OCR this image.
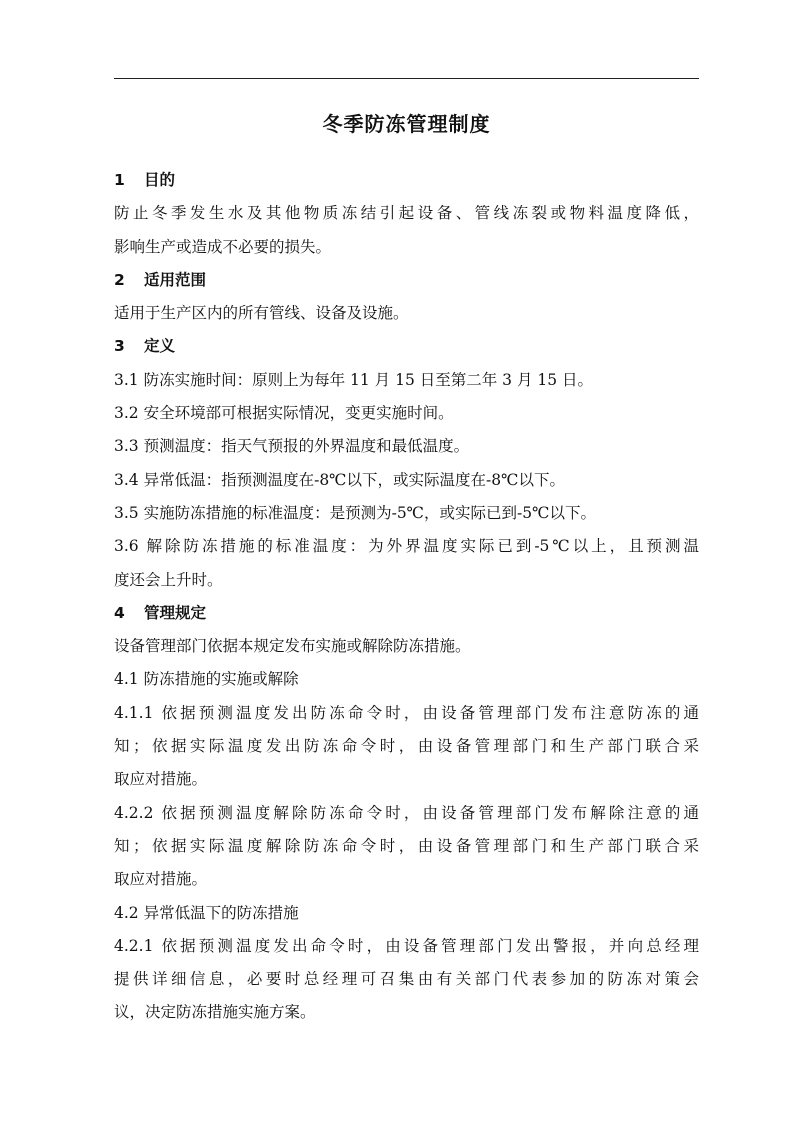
冬季防冻管理制度
1 目的
防止冬季发生水及其他物质冻结引起设备、管线冻裂或物料温度降低，
影响生产或造成不必要的损失。
2 适用范围
适用于生产区内的所有管线、设备及设施。
3 定义
3.1 防冻实施时间：原则上为每年 11 月 15 日至第二年 3 月 15 日。
3.2 安全环境部可根据实际情况，变更实施时间。
3.3 预测温度：指天气预报的外界温度和最低温度。
3.4 异常低温：指预测温度在-8℃以下，或实际温度在-8℃以下。
3.5 实施防冻措施的标准温度：是预测为-5℃，或实际已到-5℃以下。
3.6 解除防冻措施的标准温度：为外界温度实际已到-5℃以上，且预测温
度还会上升时。
4 管理规定
设备管理部门依据本规定发布实施或解除防冻措施。
4.1 防冻措施的实施或解除
4.1.1 依据预测温度发出防冻命令时，由设备管理部门发布注意防冻的通
知；依据实际温度发出防冻命令时，由设备管理部门和生产部门联合采
取应对措施。
4.2.2 依据预测温度解除防冻命令时，由设备管理部门发布解除注意的通
知；依据实际温度解除防冻命令时，由设备管理部门和生产部门联合采
取应对措施。
4.2 异常低温下的防冻措施
4.2.1 依据预测温度发出命令时，由设备管理部门发出警报，并向总经理
提供详细信息，必要时总经理可召集由有关部门代表参加的防冻对策会
议，决定防冻措施实施方案。
